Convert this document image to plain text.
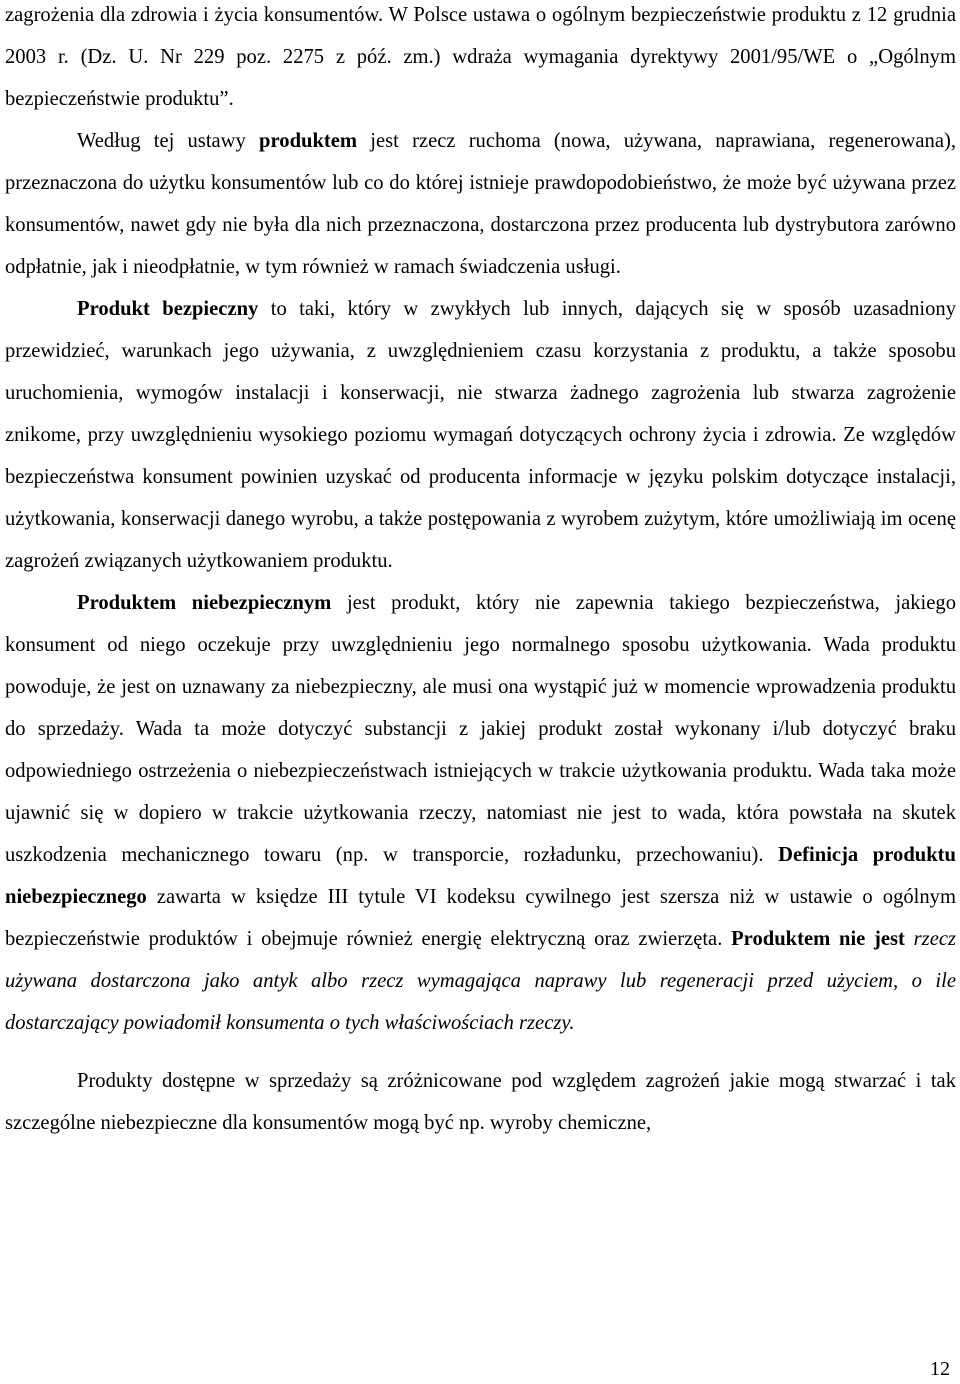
zagrożenia dla zdrowia i życia konsumentów. W Polsce ustawa o ogólnym bezpieczeństwie produktu z 12 grudnia 2003 r. (Dz. U. Nr 229 poz. 2275 z póź. zm.) wdraża wymagania dyrektywy 2001/95/WE o „Ogólnym bezpieczeństwie produktu”.

Według tej ustawy produktem jest rzecz ruchoma (nowa, używana, naprawiana, regenerowana), przeznaczona do użytku konsumentów lub co do której istnieje prawdopodobieństwo, że może być używana przez konsumentów, nawet gdy nie była dla nich przeznaczona, dostarczona przez producenta lub dystrybutora zarówno odpłatnie, jak i nieodpłatnie, w tym również w ramach świadczenia usługi.

Produkt bezpieczny to taki, który w zwykłych lub innych, dających się w sposób uzasadniony przewidzieć, warunkach jego używania, z uwzględnieniem czasu korzystania z produktu, a także sposobu uruchomienia, wymogów instalacji i konserwacji, nie stwarza żadnego zagrożenia lub stwarza zagrożenie znikome, przy uwzględnieniu wysokiego poziomu wymagań dotyczących ochrony życia i zdrowia. Ze względów bezpieczeństwa konsument powinien uzyskać od producenta informacje w języku polskim dotyczące instalacji, użytkowania, konserwacji danego wyrobu, a także postępowania z wyrobem zużytym, które umożliwiają im ocenę zagrożeń związanych użytkowaniem produktu.

Produktem niebezpiecznym jest produkt, który nie zapewnia takiego bezpieczeństwa, jakiego konsument od niego oczekuje przy uwzględnieniu jego normalnego sposobu użytkowania. Wada produktu powoduje, że jest on uznawany za niebezpieczny, ale musi ona wystąpić już w momencie wprowadzenia produktu do sprzedaży. Wada ta może dotyczyć substancji z jakiej produkt został wykonany i/lub dotyczyć braku odpowiedniego ostrzeżenia o niebezpieczeństwach istniejących w trakcie użytkowania produktu. Wada taka może ujawnić się w dopiero w trakcie użytkowania rzeczy, natomiast nie jest to wada, która powstała na skutek uszkodzenia mechanicznego towaru (np. w transporcie, rozładunku, przechowaniu). Definicja produktu niebezpiecznego zawarta w księdze III tytule VI kodeksu cywilnego jest szersza niż w ustawie o ogólnym bezpieczeństwie produktów i obejmuje również energię elektryczną oraz zwierzęta. Produktem nie jest rzecz używana dostarczona jako antyk albo rzecz wymagająca naprawy lub regeneracji przed użyciem, o ile dostarczający powiadomił konsumenta o tych właściwościach rzeczy.

Produkty dostępne w sprzedaży są zróżnicowane pod względem zagrożeń jakie mogą stwarzać i tak szczególne niebezpieczne dla konsumentów mogą być np. wyroby chemiczne,

12
